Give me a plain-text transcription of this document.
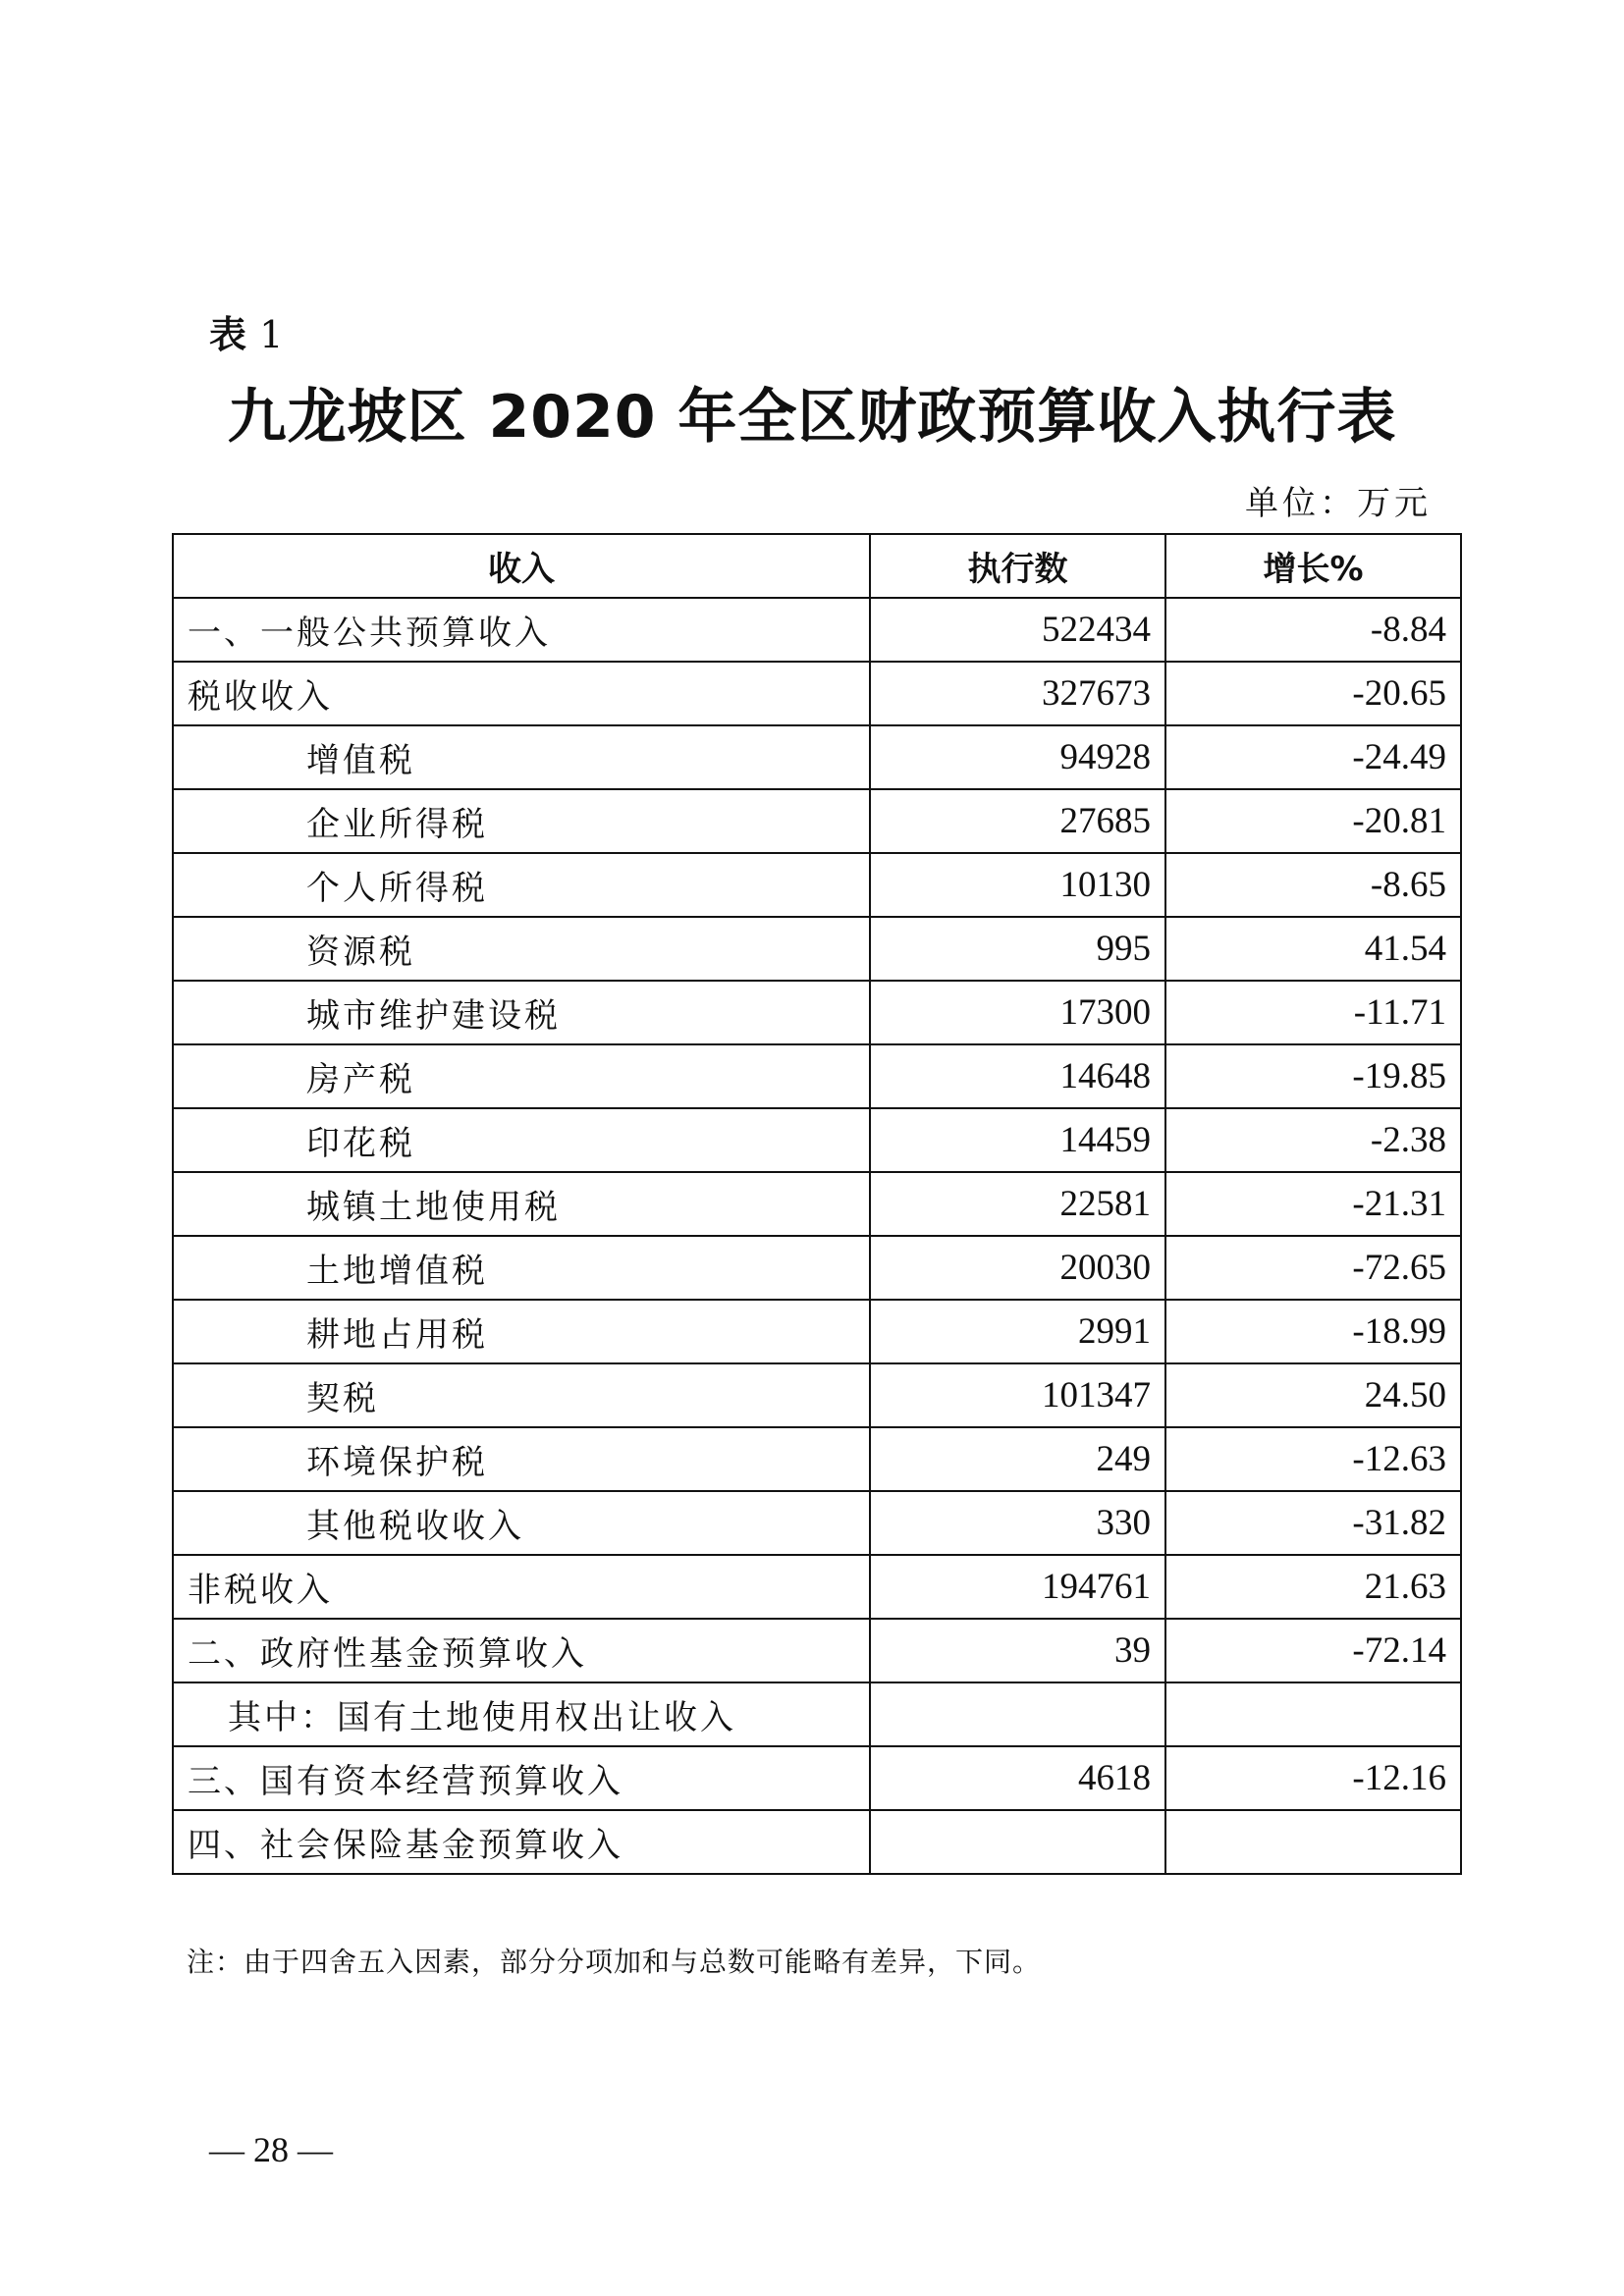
表 1
九龙坡区 2020 年全区财政预算收入执行表
单位：万元
收入	执行数	增长%
一、一般公共预算收入	522434	-8.84
税收收入	327673	-20.65
增值税	94928	-24.49
企业所得税	27685	-20.81
个人所得税	10130	-8.65
资源税	995	41.54
城市维护建设税	17300	-11.71
房产税	14648	-19.85
印花税	14459	-2.38
城镇土地使用税	22581	-21.31
土地增值税	20030	-72.65
耕地占用税	2991	-18.99
契税	101347	24.50
环境保护税	249	-12.63
其他税收收入	330	-31.82
非税收入	194761	21.63
二、政府性基金预算收入	39	-72.14
其中：国有土地使用权出让收入		
三、国有资本经营预算收入	4618	-12.16
四、社会保险基金预算收入		
注：由于四舍五入因素，部分分项加和与总数可能略有差异，下同。
— 28 —
